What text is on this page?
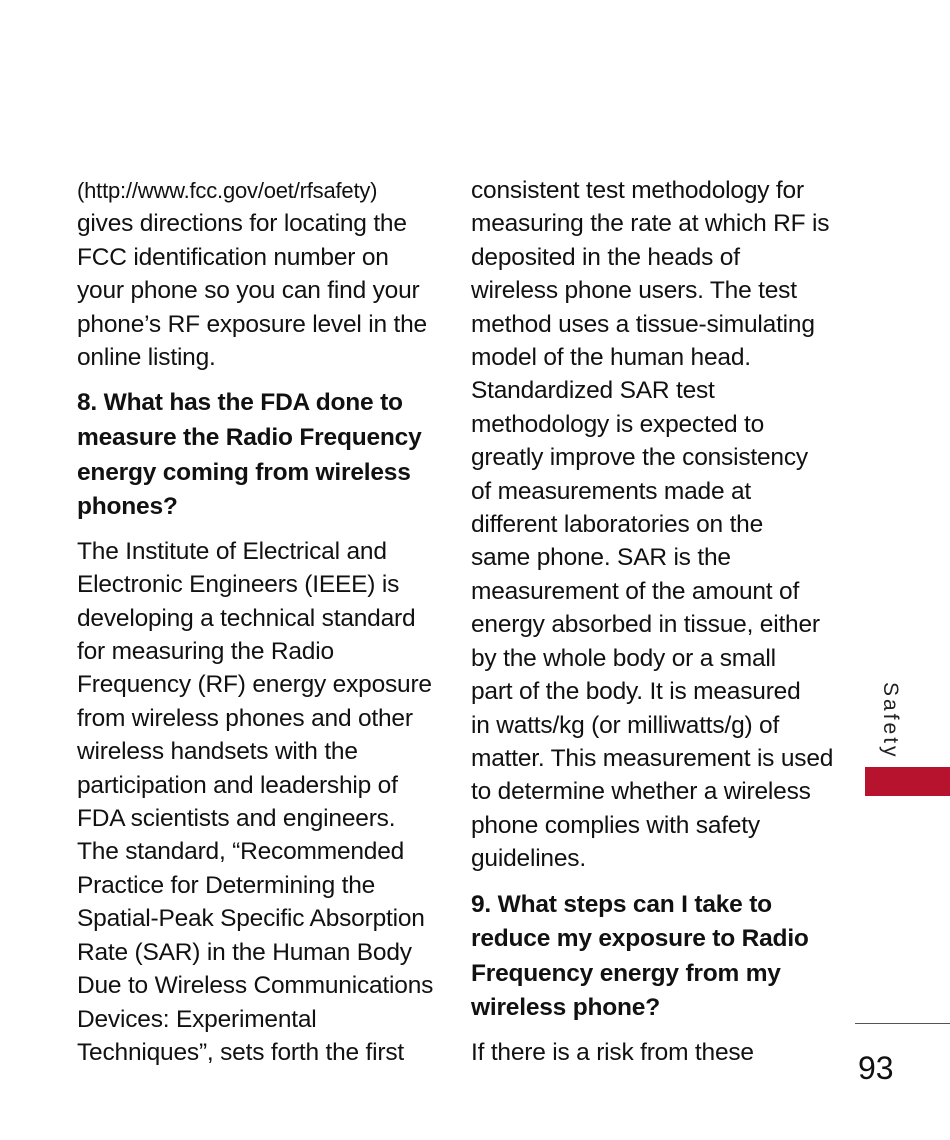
(http://www.fcc.gov/oet/rfsafety)
gives directions for locating the
FCC identification number on
your phone so you can find your
phone’s RF exposure level in the
online listing.

8. What has the FDA done to
measure the Radio Frequency
energy coming from wireless
phones?

The Institute of Electrical and
Electronic Engineers (IEEE) is
developing a technical standard
for measuring the Radio
Frequency (RF) energy exposure
from wireless phones and other
wireless handsets with the
participation and leadership of
FDA scientists and engineers.
The standard, “Recommended
Practice for Determining the
Spatial-Peak Specific Absorption
Rate (SAR) in the Human Body
Due to Wireless Communications
Devices: Experimental
Techniques”, sets forth the first

consistent test methodology for
measuring the rate at which RF is
deposited in the heads of
wireless phone users. The test
method uses a tissue-simulating
model of the human head.
Standardized SAR test
methodology is expected to
greatly improve the consistency
of measurements made at
different laboratories on the
same phone. SAR is the
measurement of the amount of
energy absorbed in tissue, either
by the whole body or a small
part of the body. It is measured
in watts/kg (or milliwatts/g) of
matter. This measurement is used
to determine whether a wireless
phone complies with safety
guidelines.

9. What steps can I take to
reduce my exposure to Radio
Frequency energy from my
wireless phone?

If there is a risk from these

Safety
93
